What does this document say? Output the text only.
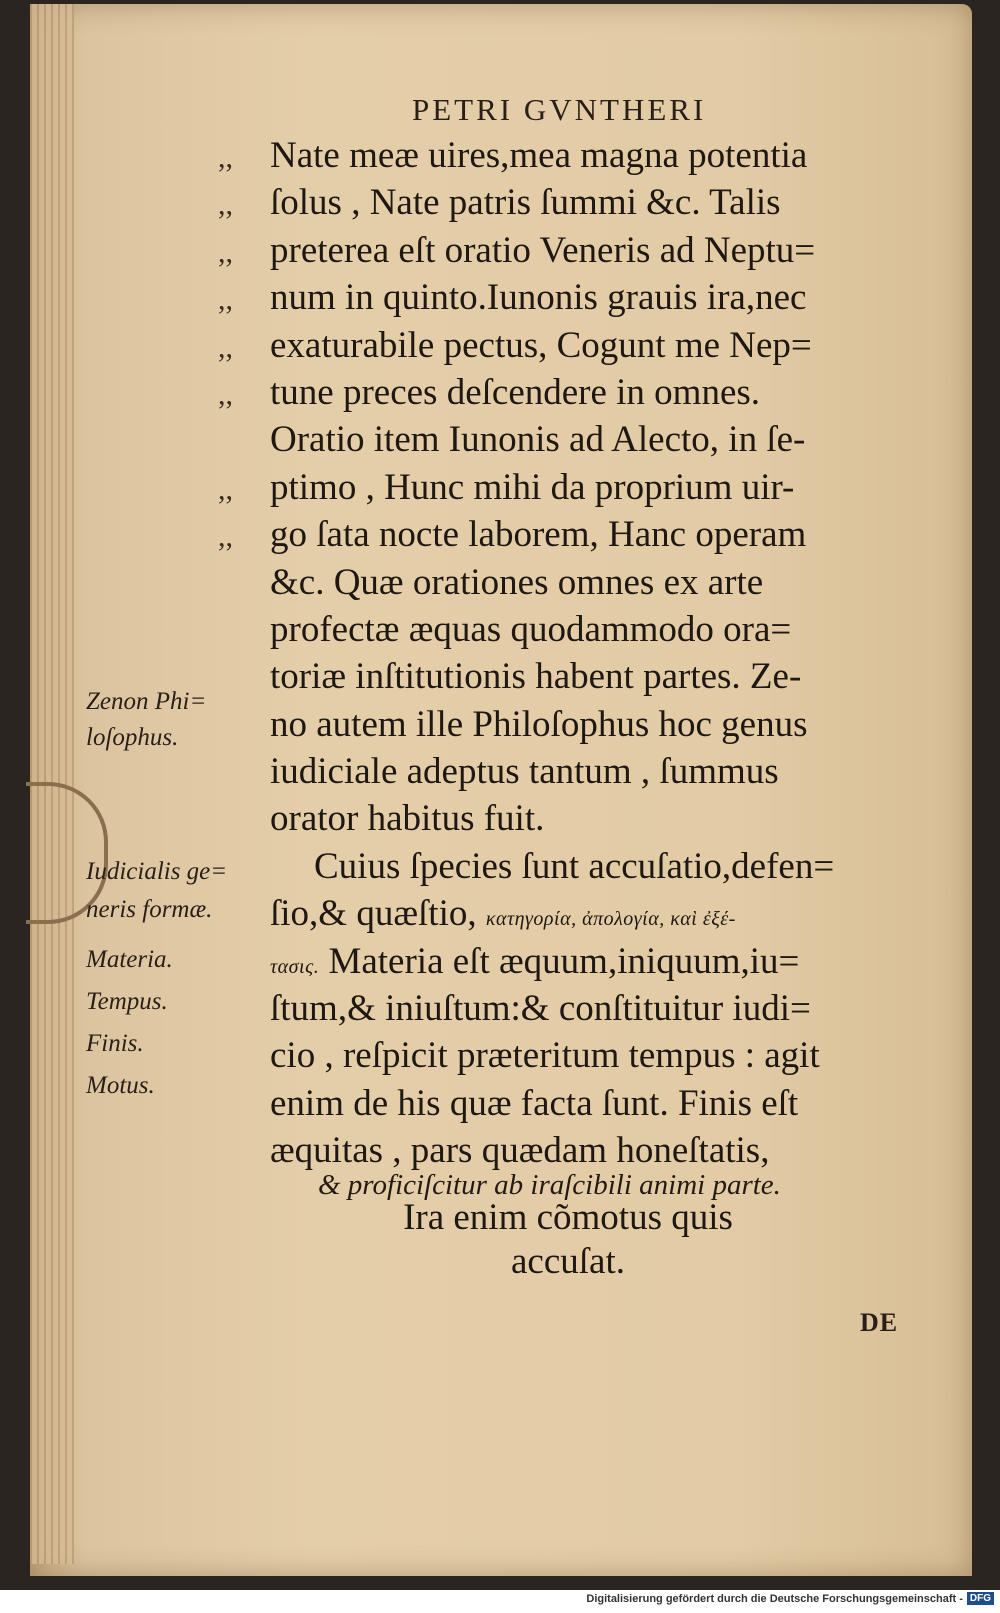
PETRI GVNTHERI
,, Nate meæ uires,mea magna potentia
,, ſolus , Nate patris ſummi &c. Talis
,, preterea eſt oratio Veneris ad Neptu=
,, num in quinto.Iunonis grauis ira,nec
,, exaturabile pectus, Cogunt me Nep=
,, tune preces deſcendere in omnes.
Oratio item Iunonis ad Alecto, in ſe-
,, ptimo , Hunc mihi da proprium uir-
,, go ſata nocte laborem, Hanc operam
&c. Quæ orationes omnes ex arte
profectæ æquas quodammodo ora=
toriæ inſtitutionis habent partes. Ze-
no autem ille Philoſophus hoc genus
iudiciale adeptus tantum , ſummus
orator habitus fuit.
Cuius ſpecies ſunt accuſatio,defen=
ſio,& quæſtio, κατηγορία, ἀπολογία, καὶ ἐξέ-
τασις. Materia eſt æquum,iniquum,iu=
ſtum,& iniuſtum:& conſtituitur iudi=
cio , reſpicit præteritum tempus : agit
enim de his quæ facta ſunt. Finis eſt
æquitas , pars quædam honeſtatis,
& proficiſcitur ab iraſcibili animi parte.
Ira enim cõmotus quis
accuſat.
DE
Zenon Phi=
loſophus.
Iudicialis ge=
neris formæ.
Materia.
Tempus.
Finis.
Motus.
Digitalisierung gefördert durch die Deutsche Forschungsgemeinschaft - DFG
